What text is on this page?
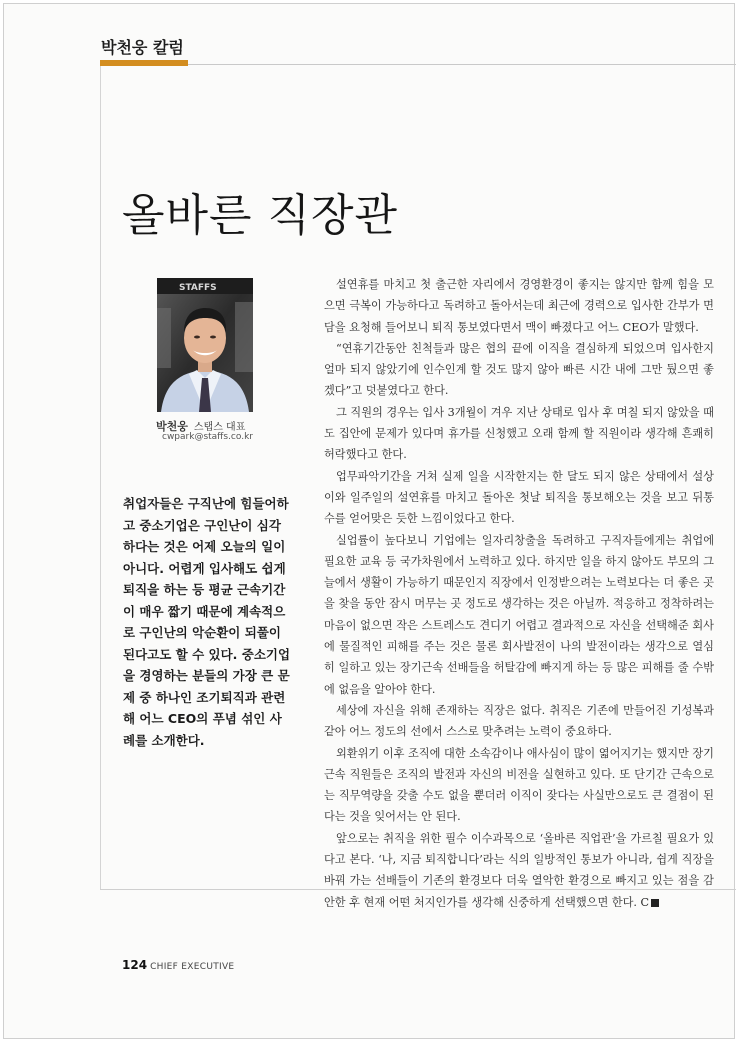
박천웅 칼럼
올바른 직장관
STAFFS
박천웅 스탭스 대표
cwpark@staffs.co.kr

취업자들은 구직난에 힘들어하고 중소기업은 구인난이 심각하다는 것은 어제 오늘의 일이 아니다. 어렵게 입사해도 쉽게 퇴직을 하는 등 평균 근속기간이 매우 짧기 때문에 계속적으로 구인난의 악순환이 되풀이 된다고도 할 수 있다. 중소기업을 경영하는 분들의 가장 큰 문제 중 하나인 조기퇴직과 관련해 어느 CEO의 푸념 섞인 사례를 소개한다.

설연휴를 마치고 첫 출근한 자리에서 경영환경이 좋지는 않지만 함께 힘을 모으면 극복이 가능하다고 독려하고 돌아서는데 최근에 경력으로 입사한 간부가 면담을 요청해 들어보니 퇴직 통보였다면서 맥이 빠졌다고 어느 CEO가 말했다.

“연휴기간동안 친척들과 많은 협의 끝에 이직을 결심하게 되었으며 입사한지 얼마 되지 않았기에 인수인계 할 것도 많지 않아 빠른 시간 내에 그만 뒀으면 좋겠다”고 덧붙였다고 한다.

그 직원의 경우는 입사 3개월이 겨우 지난 상태로 입사 후 며칠 되지 않았을 때도 집안에 문제가 있다며 휴가를 신청했고 오래 함께 할 직원이라 생각해 흔쾌히 허락했다고 한다.

업무파악기간을 거쳐 실제 일을 시작한지는 한 달도 되지 않은 상태에서 설상이와 일주일의 설연휴를 마치고 돌아온 첫날 퇴직을 통보해오는 것을 보고 뒤통수를 얻어맞은 듯한 느낌이었다고 한다.

실업률이 높다보니 기업에는 일자리창출을 독려하고 구직자들에게는 취업에 필요한 교육 등 국가차원에서 노력하고 있다. 하지만 일을 하지 않아도 부모의 그늘에서 생활이 가능하기 때문인지 직장에서 인정받으려는 노력보다는 더 좋은 곳을 찾을 동안 잠시 머무는 곳 정도로 생각하는 것은 아닐까. 적응하고 정착하려는 마음이 없으면 작은 스트레스도 견디기 어렵고 결과적으로 자신을 선택해준 회사에 물질적인 피해를 주는 것은 물론 회사발전이 나의 발전이라는 생각으로 열심히 일하고 있는 장기근속 선배들을 허탈감에 빠지게 하는 등 많은 피해를 줄 수밖에 없음을 알아야 한다.

세상에 자신을 위해 존재하는 직장은 없다. 취직은 기존에 만들어진 기성복과 같아 어느 정도의 선에서 스스로 맞추려는 노력이 중요하다.

외환위기 이후 조직에 대한 소속감이나 애사심이 많이 엷어지기는 했지만 장기근속 직원들은 조직의 발전과 자신의 비전을 실현하고 있다. 또 단기간 근속으로는 직무역량을 갖출 수도 없을 뿐더러 이직이 잦다는 사실만으로도 큰 결점이 된다는 것을 잊어서는 안 된다.

앞으로는 취직을 위한 필수 이수과목으로 ‘올바른 직업관’을 가르칠 필요가 있다고 본다. ‘나, 지금 퇴직합니다’라는 식의 일방적인 통보가 아니라, 쉽게 직장을 바꿔 가는 선배들이 기존의 환경보다 더욱 열악한 환경으로 빠지고 있는 점을 감안한 후 현재 어떤 처지인가를 생각해 신중하게 선택했으면 한다. C

124 CHIEF EXECUTIVE
